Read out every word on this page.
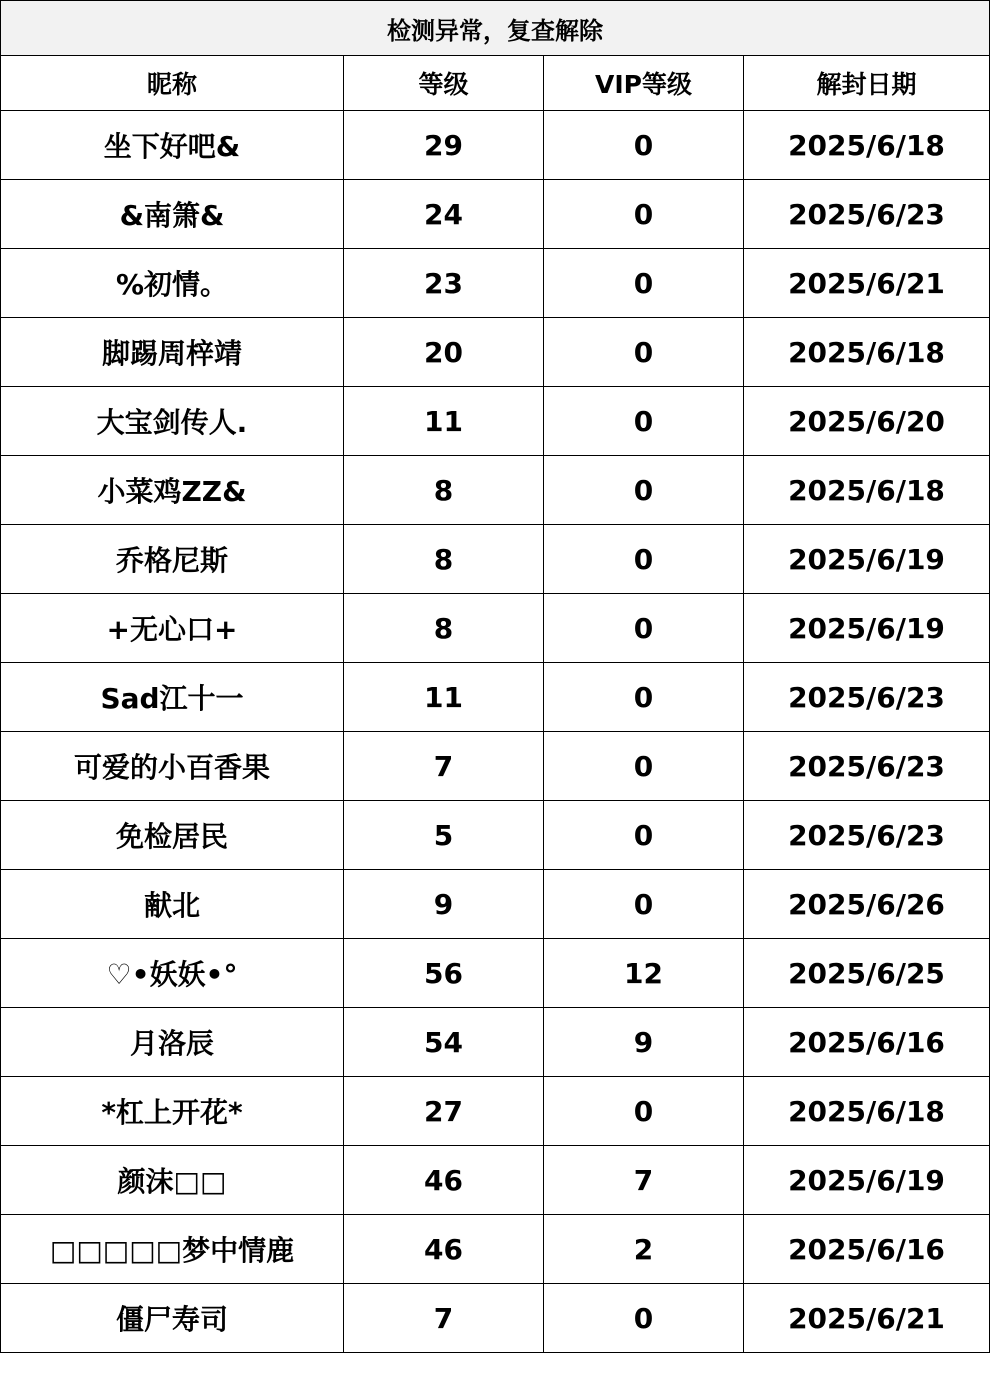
检测异常，复查解除			
昵称	等级	VIP等级	解封日期
坐下好吧&	29	0	2025/6/18
&南箫&	24	0	2025/6/23
%初情。	23	0	2025/6/21
脚踢周梓靖	20	0	2025/6/18
大宝剑传人.	11	0	2025/6/20
小菜鸡ZZ&	8	0	2025/6/18
乔格尼斯	8	0	2025/6/19
+无心口+	8	0	2025/6/19
Sad江十一	11	0	2025/6/23
可爱的小百香果	7	0	2025/6/23
免检居民	5	0	2025/6/23
献北	9	0	2025/6/26
♡•妖妖•°	56	12	2025/6/25
月洛辰	54	9	2025/6/16
*杠上开花*	27	0	2025/6/18
颜沫□□	46	7	2025/6/19
□□□□□梦中情鹿	46	2	2025/6/16
僵尸寿司	7	0	2025/6/21
